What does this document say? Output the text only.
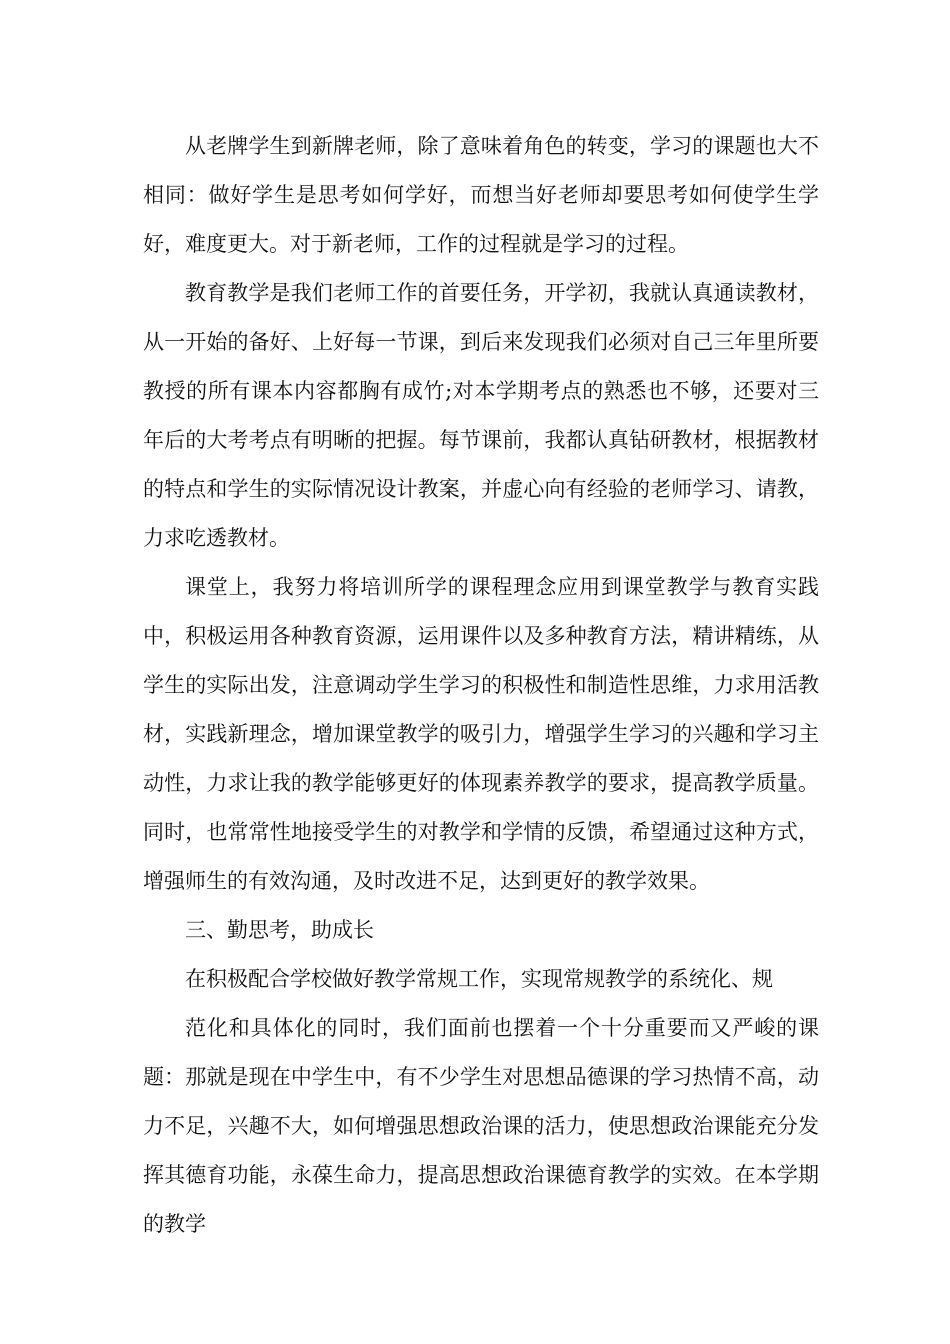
从老牌学生到新牌老师，除了意味着角色的转变，学习的课题也大不相同：做好学生是思考如何学好，而想当好老师却要思考如何使学生学好，难度更大。对于新老师，工作的过程就是学习的过程。

教育教学是我们老师工作的首要任务，开学初，我就认真通读教材，从一开始的备好、上好每一节课，到后来发现我们必须对自己三年里所要教授的所有课本内容都胸有成竹;对本学期考点的熟悉也不够，还要对三年后的大考考点有明晰的把握。每节课前，我都认真钻研教材，根据教材的特点和学生的实际情况设计教案，并虚心向有经验的老师学习、请教，力求吃透教材。

课堂上，我努力将培训所学的课程理念应用到课堂教学与教育实践中，积极运用各种教育资源，运用课件以及多种教育方法，精讲精练，从学生的实际出发，注意调动学生学习的积极性和制造性思维，力求用活教材，实践新理念，增加课堂教学的吸引力，增强学生学习的兴趣和学习主动性，力求让我的教学能够更好的体现素养教学的要求，提高教学质量。同时，也常常性地接受学生的对教学和学情的反馈，希望通过这种方式，增强师生的有效沟通，及时改进不足，达到更好的教学效果。

三、勤思考，助成长

在积极配合学校做好教学常规工作，实现常规教学的系统化、规

范化和具体化的同时，我们面前也摆着一个十分重要而又严峻的课题：那就是现在中学生中，有不少学生对思想品德课的学习热情不高，动力不足，兴趣不大，如何增强思想政治课的活力，使思想政治课能充分发挥其德育功能，永葆生命力，提高思想政治课德育教学的实效。在本学期的教学
